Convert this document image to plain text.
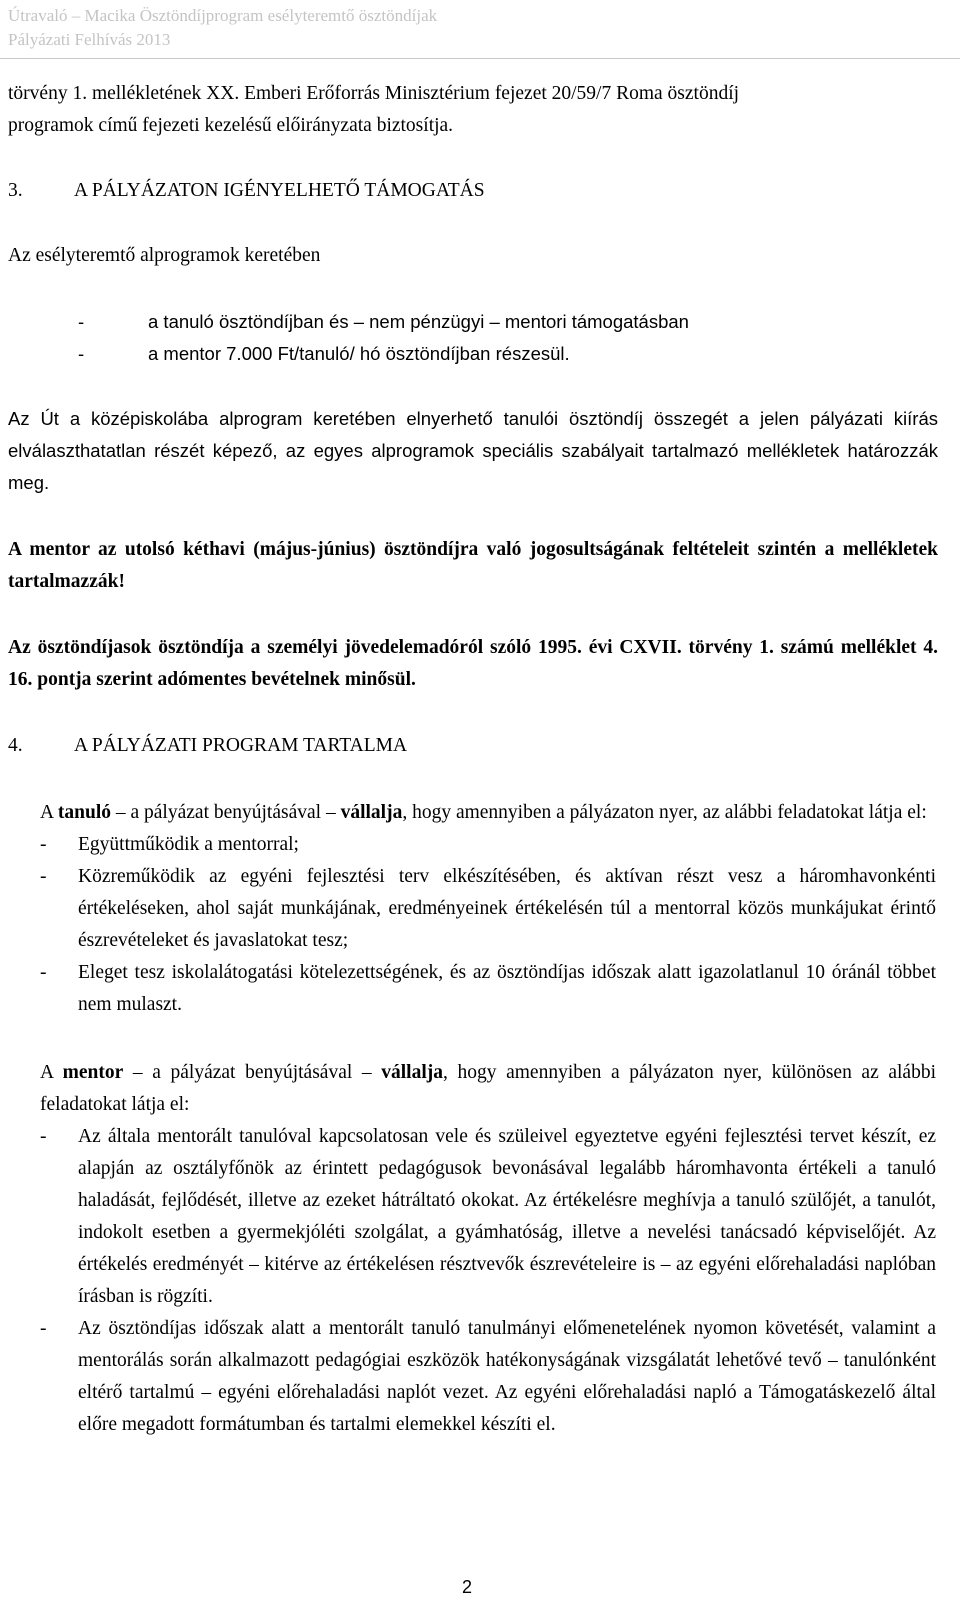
Útravaló – Macika Ösztöndíjprogram esélyteremtő ösztöndíjak
Pályázati Felhívás 2013

törvény 1. mellékletének XX. Emberi Erőforrás Minisztérium fejezet 20/59/7 Roma ösztöndíj

programok című fejezeti kezelésű előirányzata biztosítja.

3.	A PÁLYÁZATON IGÉNYELHETŐ TÁMOGATÁS
Az esélyteremtő alprogramok keretében
-	a tanuló ösztöndíjban és – nem pénzügyi – mentori támogatásban
-	a mentor 7.000 Ft/tanuló/ hó ösztöndíjban részesül.
Az Út a középiskolába alprogram keretében elnyerhető tanulói ösztöndíj összegét a jelen pályázati kiírás elválaszthatatlan részét képező, az egyes alprogramok speciális szabályait tartalmazó mellékletek határozzák meg.
A mentor az utolsó kéthavi (május-június) ösztöndíjra való jogosultságának feltételeit szintén a mellékletek tartalmazzák!
Az ösztöndíjasok ösztöndíja a személyi jövedelemadóról szóló 1995. évi CXVII. törvény 1. számú melléklet 4. 16. pontja szerint adómentes bevételnek minősül.
4.	A PÁLYÁZATI PROGRAM TARTALMA

A tanuló – a pályázat benyújtásával – vállalja, hogy amennyiben a pályázaton nyer, az alábbi feladatokat látja el:

- Együttműködik a mentorral;
- Közreműködik az egyéni fejlesztési terv elkészítésében, és aktívan részt vesz a háromhavonkénti értékeléseken, ahol saját munkájának, eredményeinek értékelésén túl a mentorral közös munkájukat érintő észrevételeket és javaslatokat tesz;
- Eleget tesz iskolalátogatási kötelezettségének, és az ösztöndíjas időszak alatt igazolatlanul 10 óránál többet nem mulaszt.

A mentor – a pályázat benyújtásával – vállalja, hogy amennyiben a pályázaton nyer, különösen az alábbi feladatokat látja el:

- Az általa mentorált tanulóval kapcsolatosan vele és szüleivel egyeztetve egyéni fejlesztési tervet készít, ez alapján az osztályfőnök az érintett pedagógusok bevonásával legalább háromhavonta értékeli a tanuló haladását, fejlődését, illetve az ezeket hátráltató okokat. Az értékelésre meghívja a tanuló szülőjét, a tanulót, indokolt esetben a gyermekjóléti szolgálat, a gyámhatóság, illetve a nevelési tanácsadó képviselőjét. Az értékelés eredményét – kitérve az értékelésen résztvevők észrevételeire is – az egyéni előrehaladási naplóban írásban is rögzíti.
- Az ösztöndíjas időszak alatt a mentorált tanuló tanulmányi előmenetelének nyomon követését, valamint a mentorálás során alkalmazott pedagógiai eszközök hatékonyságának vizsgálatát lehetővé tevő – tanulónként eltérő tartalmú – egyéni előrehaladási naplót vezet. Az egyéni előrehaladási napló a Támogatáskezelő által előre megadott formátumban és tartalmi elemekkel készíti el.
2
